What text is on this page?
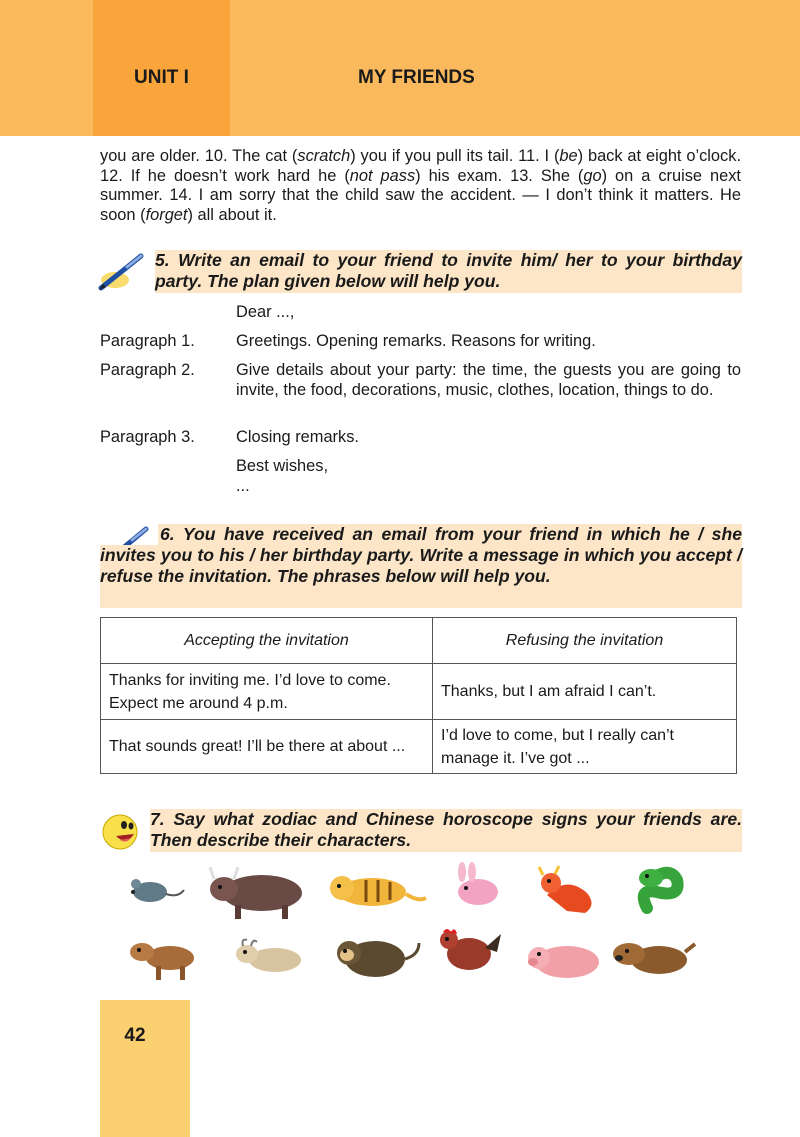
UNIT I	MY FRIENDS
you are older. 10. The cat (scratch) you if you pull its tail. 11. I (be) back at eight o’clock. 12. If he doesn’t work hard he (not pass) his exam. 13. She (go) on a cruise next summer. 14. I am sorry that the child saw the accident. — I don’t think it matters. He soon (forget) all about it.
5. Write an email to your friend to invite him/ her to your birthday party. The plan given below will help you.
Dear ...,
Paragraph 1.	Greetings. Opening remarks. Reasons for writing.
Paragraph 2.	Give details about your party: the time, the guests you are going to invite, the food, decorations, music, clothes, location, things to do.
Paragraph 3.	Closing remarks.
Best wishes,
...
6. You have received an email from your friend in which he / she invites you to his / her birthday party. Write a message in which you accept / refuse the invitation. The phrases below will help you.
Accepting the invitation	Refusing the invitation
Thanks for inviting me. I’d love to come. Expect me around 4 p.m.	Thanks, but I am afraid I can’t.
That sounds great! I’ll be there at about ...	I’d love to come, but I really can’t manage it. I’ve got ...
7. Say what zodiac and Chinese horoscope signs your friends are. Then describe their characters.
42
